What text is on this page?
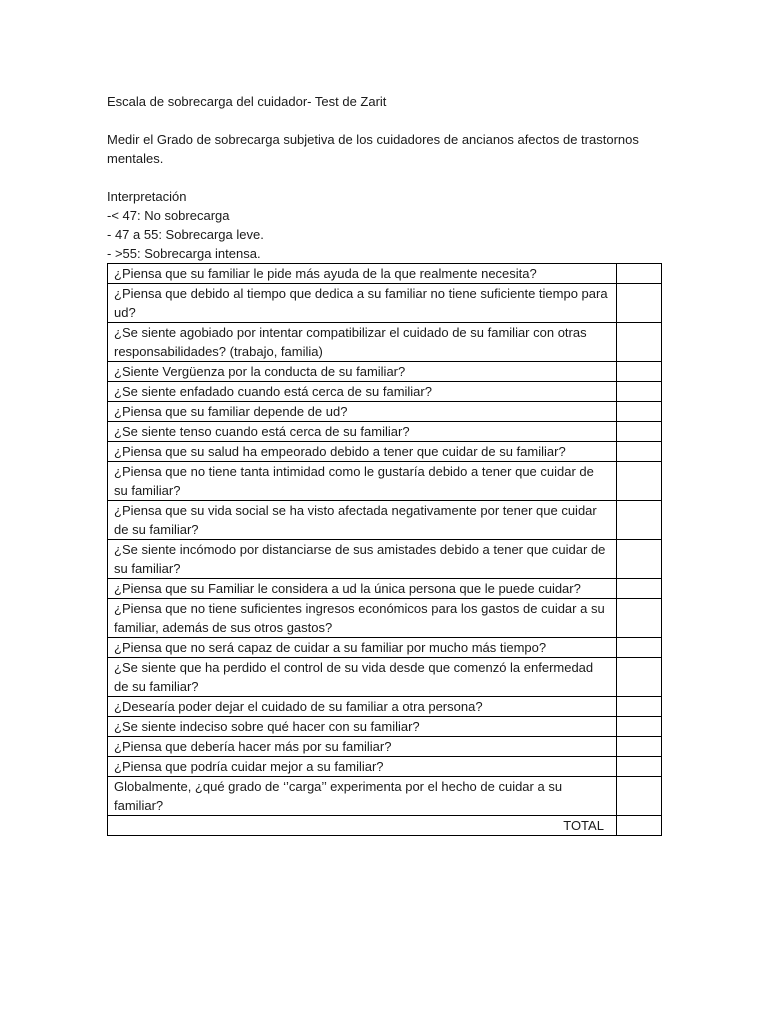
Escala de sobrecarga del cuidador- Test de Zarit
Medir el Grado de sobrecarga subjetiva de los cuidadores de ancianos afectos de trastornos mentales.
Interpretación
-< 47: No sobrecarga
- 47 a 55: Sobrecarga leve.
- >55: Sobrecarga intensa.
¿Piensa que su familiar le pide más ayuda de la que realmente necesita?	
¿Piensa que debido al tiempo que dedica a su familiar no tiene suficiente tiempo para ud?	
¿Se siente agobiado por intentar compatibilizar el cuidado de su familiar con otras responsabilidades? (trabajo, familia)	
¿Siente Vergüenza por la conducta de su familiar?	
¿Se siente enfadado cuando está cerca de su familiar?	
¿Piensa que su familiar depende de ud?	
¿Se siente tenso cuando está cerca de su familiar?	
¿Piensa que su salud ha empeorado debido a tener que cuidar de su familiar?	
¿Piensa que no tiene tanta intimidad como le gustaría debido a tener que cuidar de su familiar?	
¿Piensa que su vida social se ha visto afectada negativamente por tener que cuidar de su familiar?	
¿Se siente incómodo por distanciarse de sus amistades debido a tener que cuidar de su familiar?	
¿Piensa que su Familiar le considera a ud la única persona que le puede cuidar?	
¿Piensa que no tiene suficientes ingresos económicos para los gastos de cuidar a su familiar, además de sus otros gastos?	
¿Piensa que no será capaz de cuidar a su familiar por mucho más tiempo?	
¿Se siente que ha perdido el control de su vida desde que comenzó la enfermedad de su familiar?	
¿Desearía poder dejar el cuidado de su familiar a otra persona?	
¿Se siente indeciso sobre qué hacer con su familiar?	
¿Piensa que debería hacer más por su familiar?	
¿Piensa que podría cuidar mejor a su familiar?	
Globalmente, ¿qué grado de ‘’carga’’ experimenta por el hecho de cuidar a su familiar?	
TOTAL	
